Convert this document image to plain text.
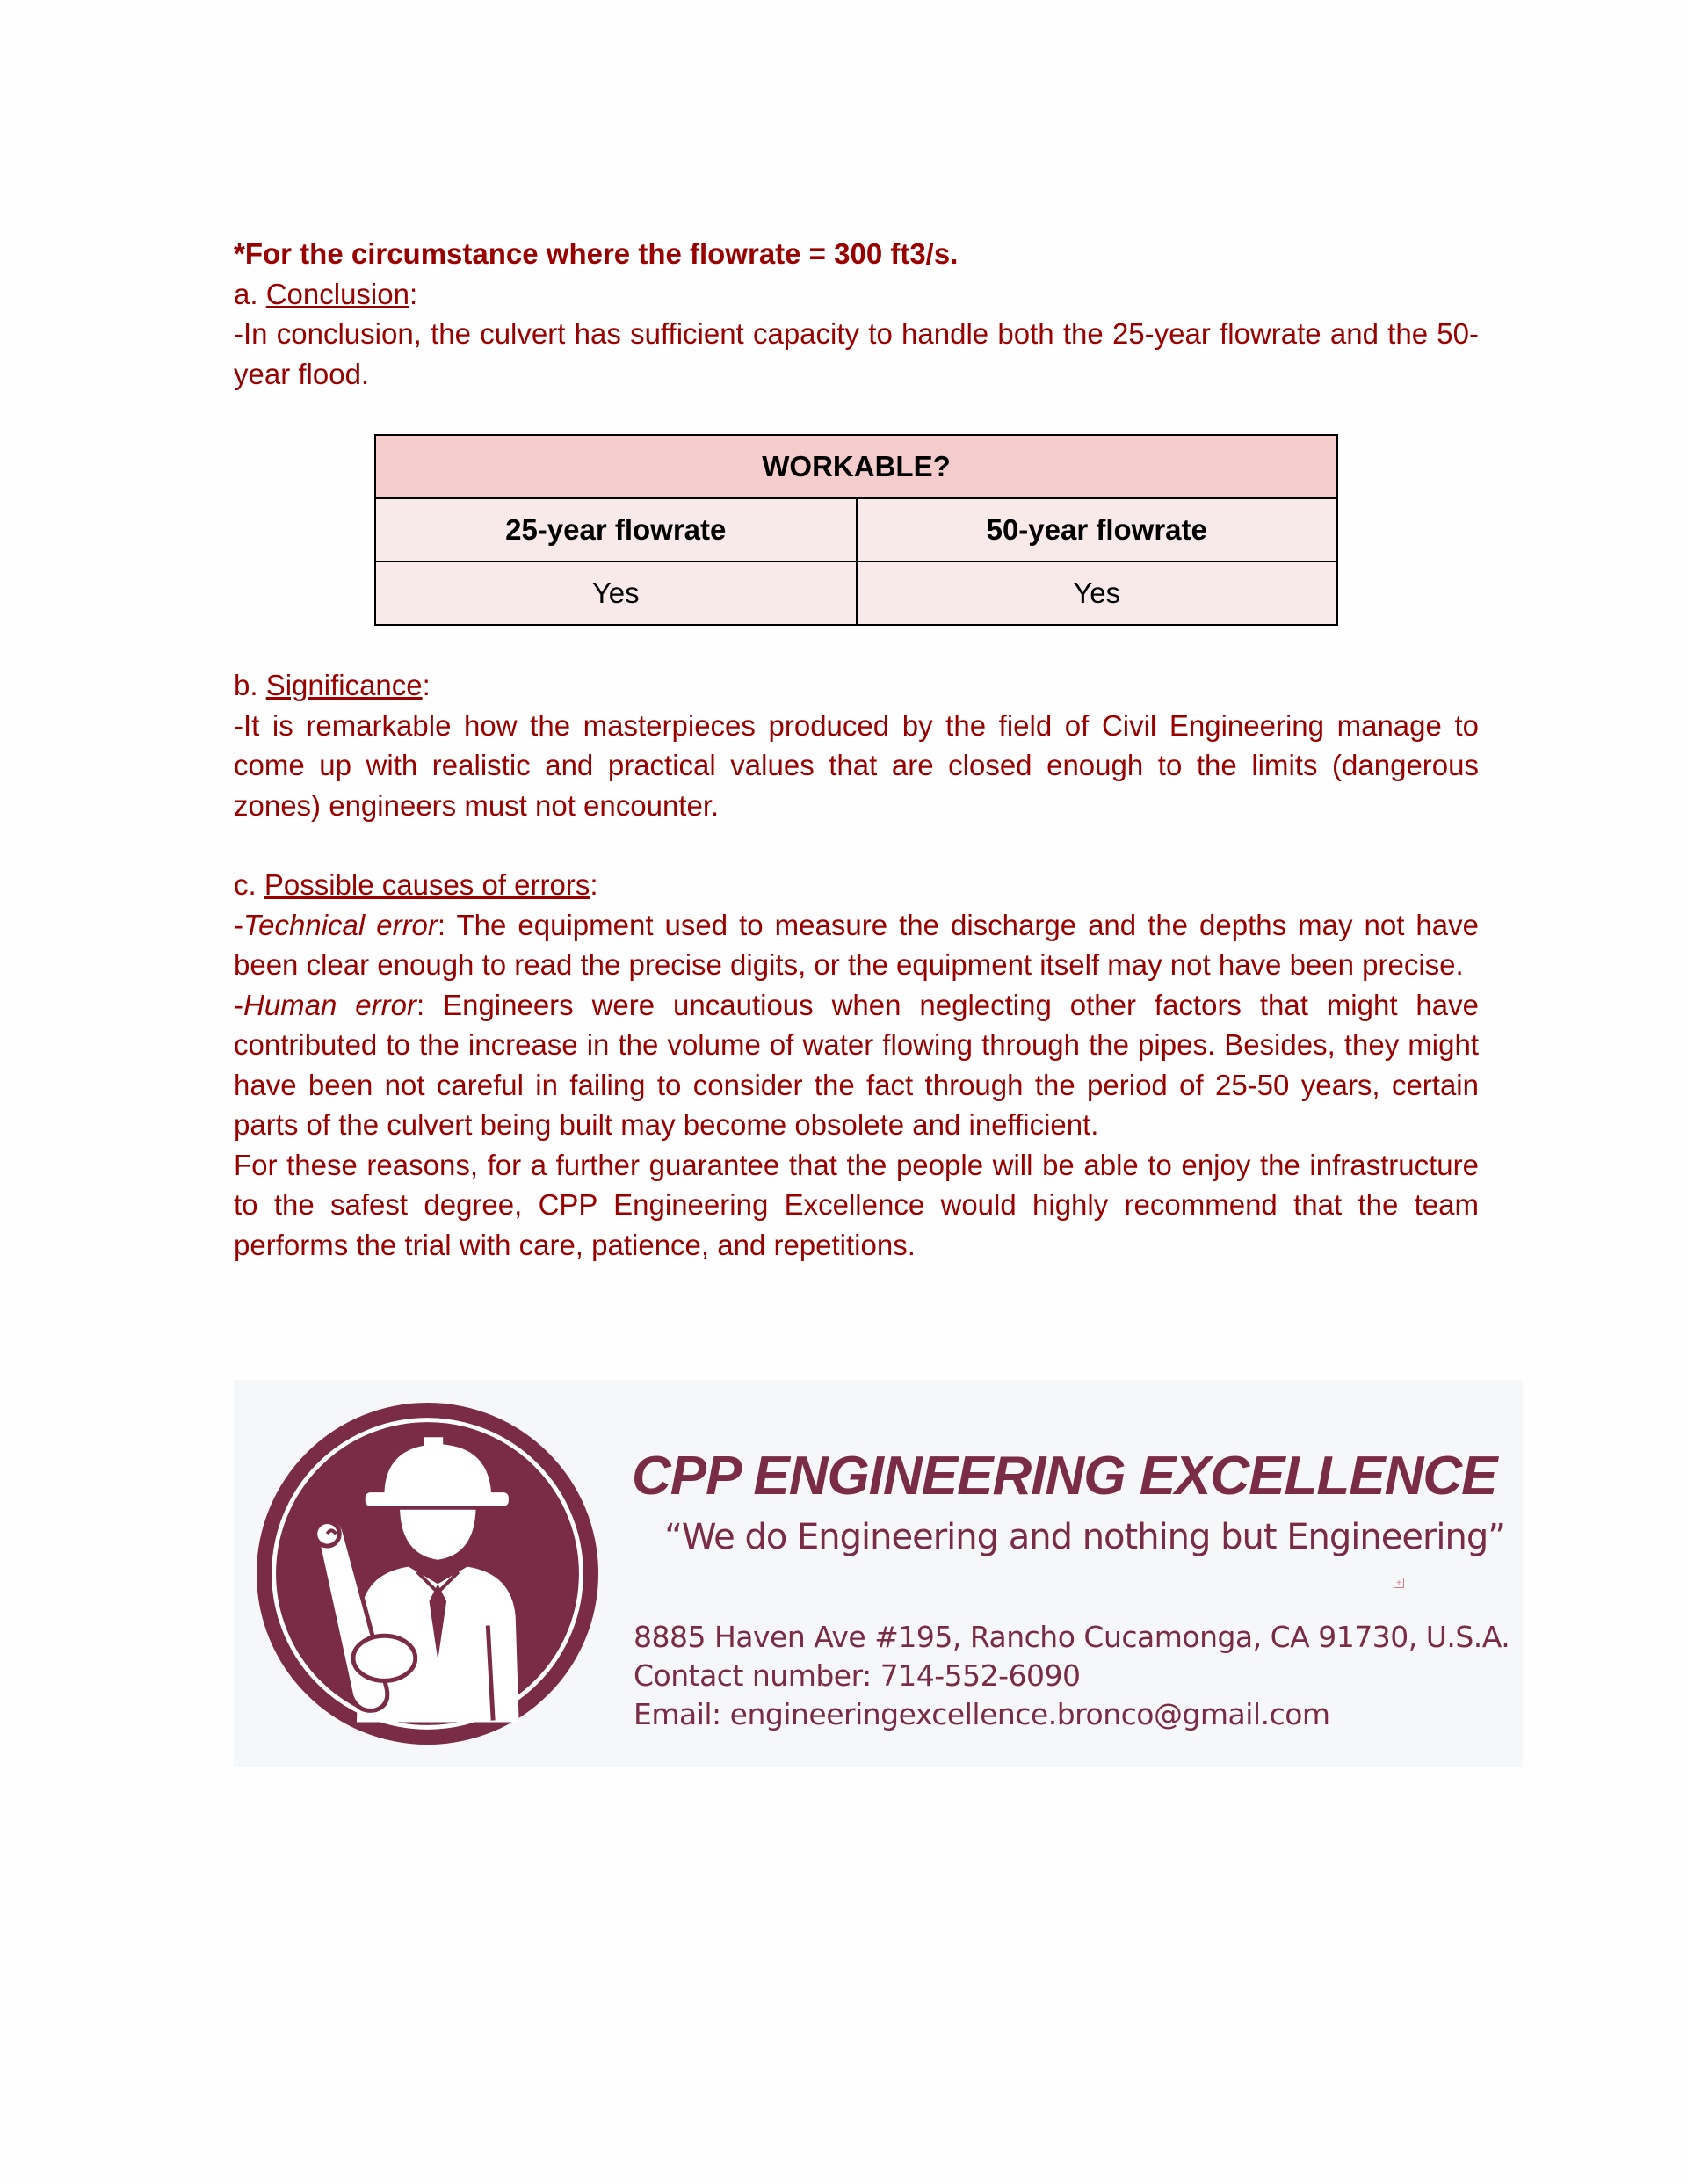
*For the circumstance where the flowrate = 300 ft3/s.

a. Conclusion:

-In conclusion, the culvert has sufficient capacity to handle both the 25-year flowrate and the 50-year flood.

WORKABLE?	
25-year flowrate	50-year flowrate
Yes	Yes

b. Significance:

-It is remarkable how the masterpieces produced by the field of Civil Engineering manage to come up with realistic and practical values that are closed enough to the limits (dangerous zones) engineers must not encounter.

c. Possible causes of errors:

-Technical error: The equipment used to measure the discharge and the depths may not have been clear enough to read the precise digits, or the equipment itself may not have been precise.

-Human error: Engineers were uncautious when neglecting other factors that might have contributed to the increase in the volume of water flowing through the pipes. Besides, they might have been not careful in failing to consider the fact through the period of 25-50 years, certain parts of the culvert being built may become obsolete and inefficient.

For these reasons, for a further guarantee that the people will be able to enjoy the infrastructure to the safest degree, CPP Engineering Excellence would highly recommend that the team performs the trial with care, patience, and repetitions.

CPP ENGINEERING EXCELLENCE
“We do Engineering and nothing but Engineering”
+
8885 Haven Ave #195, Rancho Cucamonga, CA 91730, U.S.A.
Contact number: 714-552-6090
Email: engineeringexcellence.bronco@gmail.com
